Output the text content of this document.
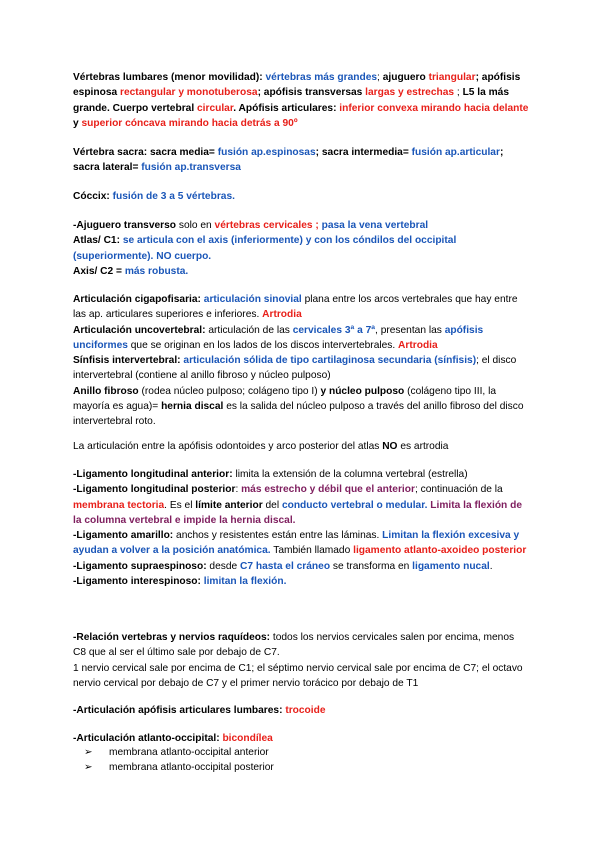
Vértebras lumbares (menor movilidad): vértebras más grandes; ajuguero triangular; apófisis espinosa rectangular y monotuberosa; apófisis transversas largas y estrechas ; L5 la más grande. Cuerpo vertebral circular. Apófisis articulares: inferior convexa mirando hacia delante y superior cóncava mirando hacia detrás a 90º

Vértebra sacra: sacra media= fusión ap.espinosas; sacra intermedia= fusión ap.articular; sacra lateral= fusión ap.transversa

Cóccix: fusión de 3 a 5 vértebras.

-Ajuguero transverso solo en vértebras cervicales ; pasa la vena vertebral
Atlas/ C1: se articula con el axis (inferiormente) y con los cóndilos del occipital (superiormente). NO cuerpo.
Axis/ C2 = más robusta.

Articulación cigapofisaria: articulación sinovial plana entre los arcos vertebrales que hay entre las ap. articulares superiores e inferiores. Artrodia
Articulación uncovertebral: articulación de las cervicales 3ª a 7ª, presentan las apófisis unciformes que se originan en los lados de los discos intervertebrales. Artrodia
Sínfisis intervertebral: articulación sólida de tipo cartilaginosa secundaria (sínfisis); el disco intervertebral (contiene al anillo fibroso y núcleo pulposo)
Anillo fibroso (rodea núcleo pulposo; colágeno tipo I) y núcleo pulposo (colágeno tipo III, la mayoría es agua)= hernia discal es la salida del núcleo pulposo a través del anillo fibroso del disco intervertebral roto.

La articulación entre la apófisis odontoides y arco posterior del atlas NO es artrodia

-Ligamento longitudinal anterior: limita la extensión de la columna vertebral (estrella)
-Ligamento longitudinal posterior: más estrecho y débil que el anterior; continuación de la membrana tectoria. Es el límite anterior del conducto vertebral o medular. Limita la flexión de la columna vertebral e impide la hernia discal.
-Ligamento amarillo: anchos y resistentes están entre las láminas. Limitan la flexión excesiva y ayudan a volver a la posición anatómica. También llamado ligamento atlanto-axoideo posterior
-Ligamento supraespinoso: desde C7 hasta el cráneo se transforma en ligamento nucal.
-Ligamento interespinoso: limitan la flexión.

-Relación vertebras y nervios raquídeos: todos los nervios cervicales salen por encima, menos C8 que al ser el último sale por debajo de C7.
1 nervio cervical sale por encima de C1; el séptimo nervio cervical sale por encima de C7; el octavo nervio cervical por debajo de C7 y el primer nervio torácico por debajo de T1

-Articulación apófisis articulares lumbares: trocoide

-Articulación atlanto-occipital: bicondílea

➢ membrana atlanto-occipital anterior
➢ membrana atlanto-occipital posterior
